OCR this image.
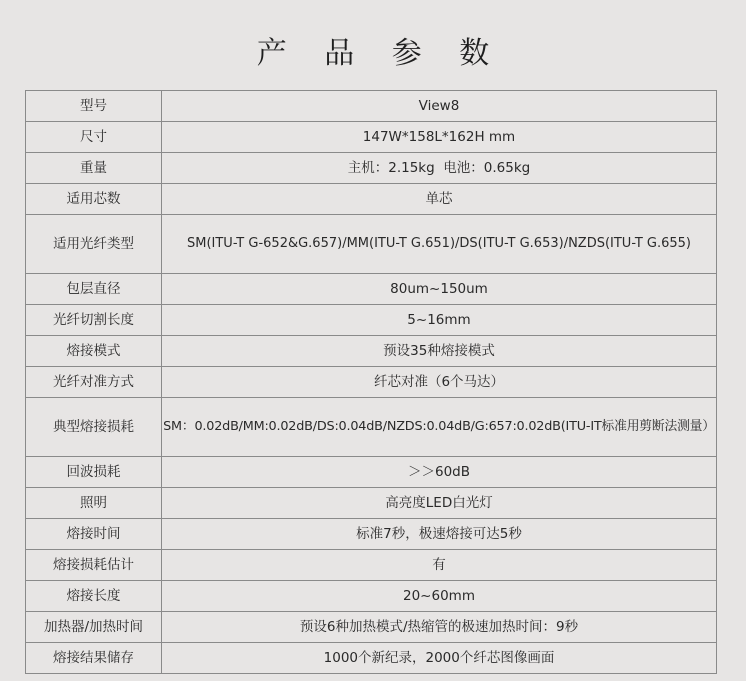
产 品 参 数
型号	View8
尺寸	147W*158L*162H mm
重量	主机：2.15kg  电池：0.65kg
适用芯数	单芯
适用光纤类型	SM(ITU-T G-652&G.657)/MM(ITU-T G.651)/DS(ITU-T G.653)/NZDS(ITU-T G.655)
包层直径	80um~150um
光纤切割长度	5~16mm
熔接模式	预设35种熔接模式
光纤对准方式	纤芯对准（6个马达）
典型熔接损耗	SM：0.02dB/MM:0.02dB/DS:0.04dB/NZDS:0.04dB/G:657:0.02dB(ITU-IT标准用剪断法测量）
回波损耗	＞＞60dB
照明	高亮度LED白光灯
熔接时间	标准7秒，极速熔接可达5秒
熔接损耗估计	有
熔接长度	20~60mm
加热器/加热时间	预设6种加热模式/热缩管的极速加热时间：9秒
熔接结果储存	1000个新纪录，2000个纤芯图像画面
